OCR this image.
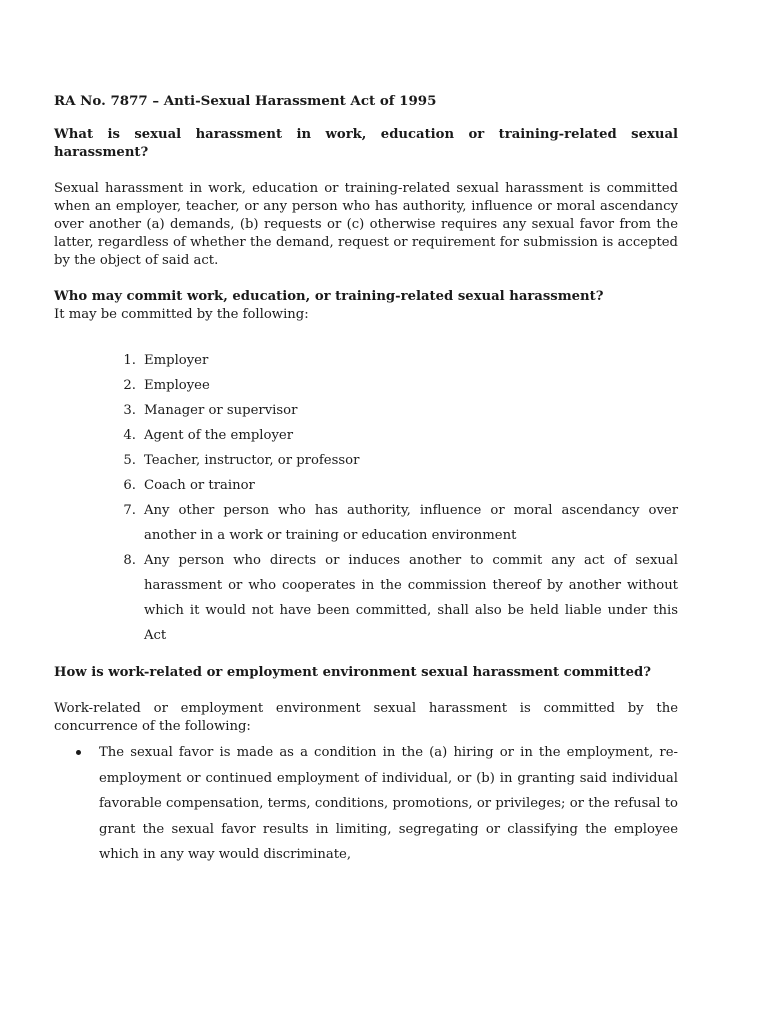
RA No. 7877 – Anti-Sexual Harassment Act of 1995

What is sexual harassment in work, education or training-related sexual harassment?

Sexual harassment in work, education or training-related sexual harassment is committed when an employer, teacher, or any person who has authority, influence or moral ascendancy over another (a) demands, (b) requests or (c) otherwise requires any sexual favor from the latter, regardless of whether the demand, request or requirement for submission is accepted by the object of said act.

Who may commit work, education, or training-related sexual harassment?

It may be committed by the following:

1. Employer
2. Employee
3. Manager or supervisor
4. Agent of the employer
5. Teacher, instructor, or professor
6. Coach or trainor
7. Any other person who has authority, influence or moral ascendancy over another in a work or training or education environment
8. Any person who directs or induces another to commit any act of sexual harassment or who cooperates in the commission thereof by another without which it would not have been committed, shall also be held liable under this Act

How is work-related or employment environment sexual harassment committed?

Work-related or employment environment sexual harassment is committed by the concurrence of the following:

The sexual favor is made as a condition in the (a) hiring or in the employment, re-employment or continued employment of individual, or (b) in granting said individual favorable compensation, terms, conditions, promotions, or privileges; or the refusal to grant the sexual favor results in limiting, segregating or classifying the employee which in any way would discriminate,
